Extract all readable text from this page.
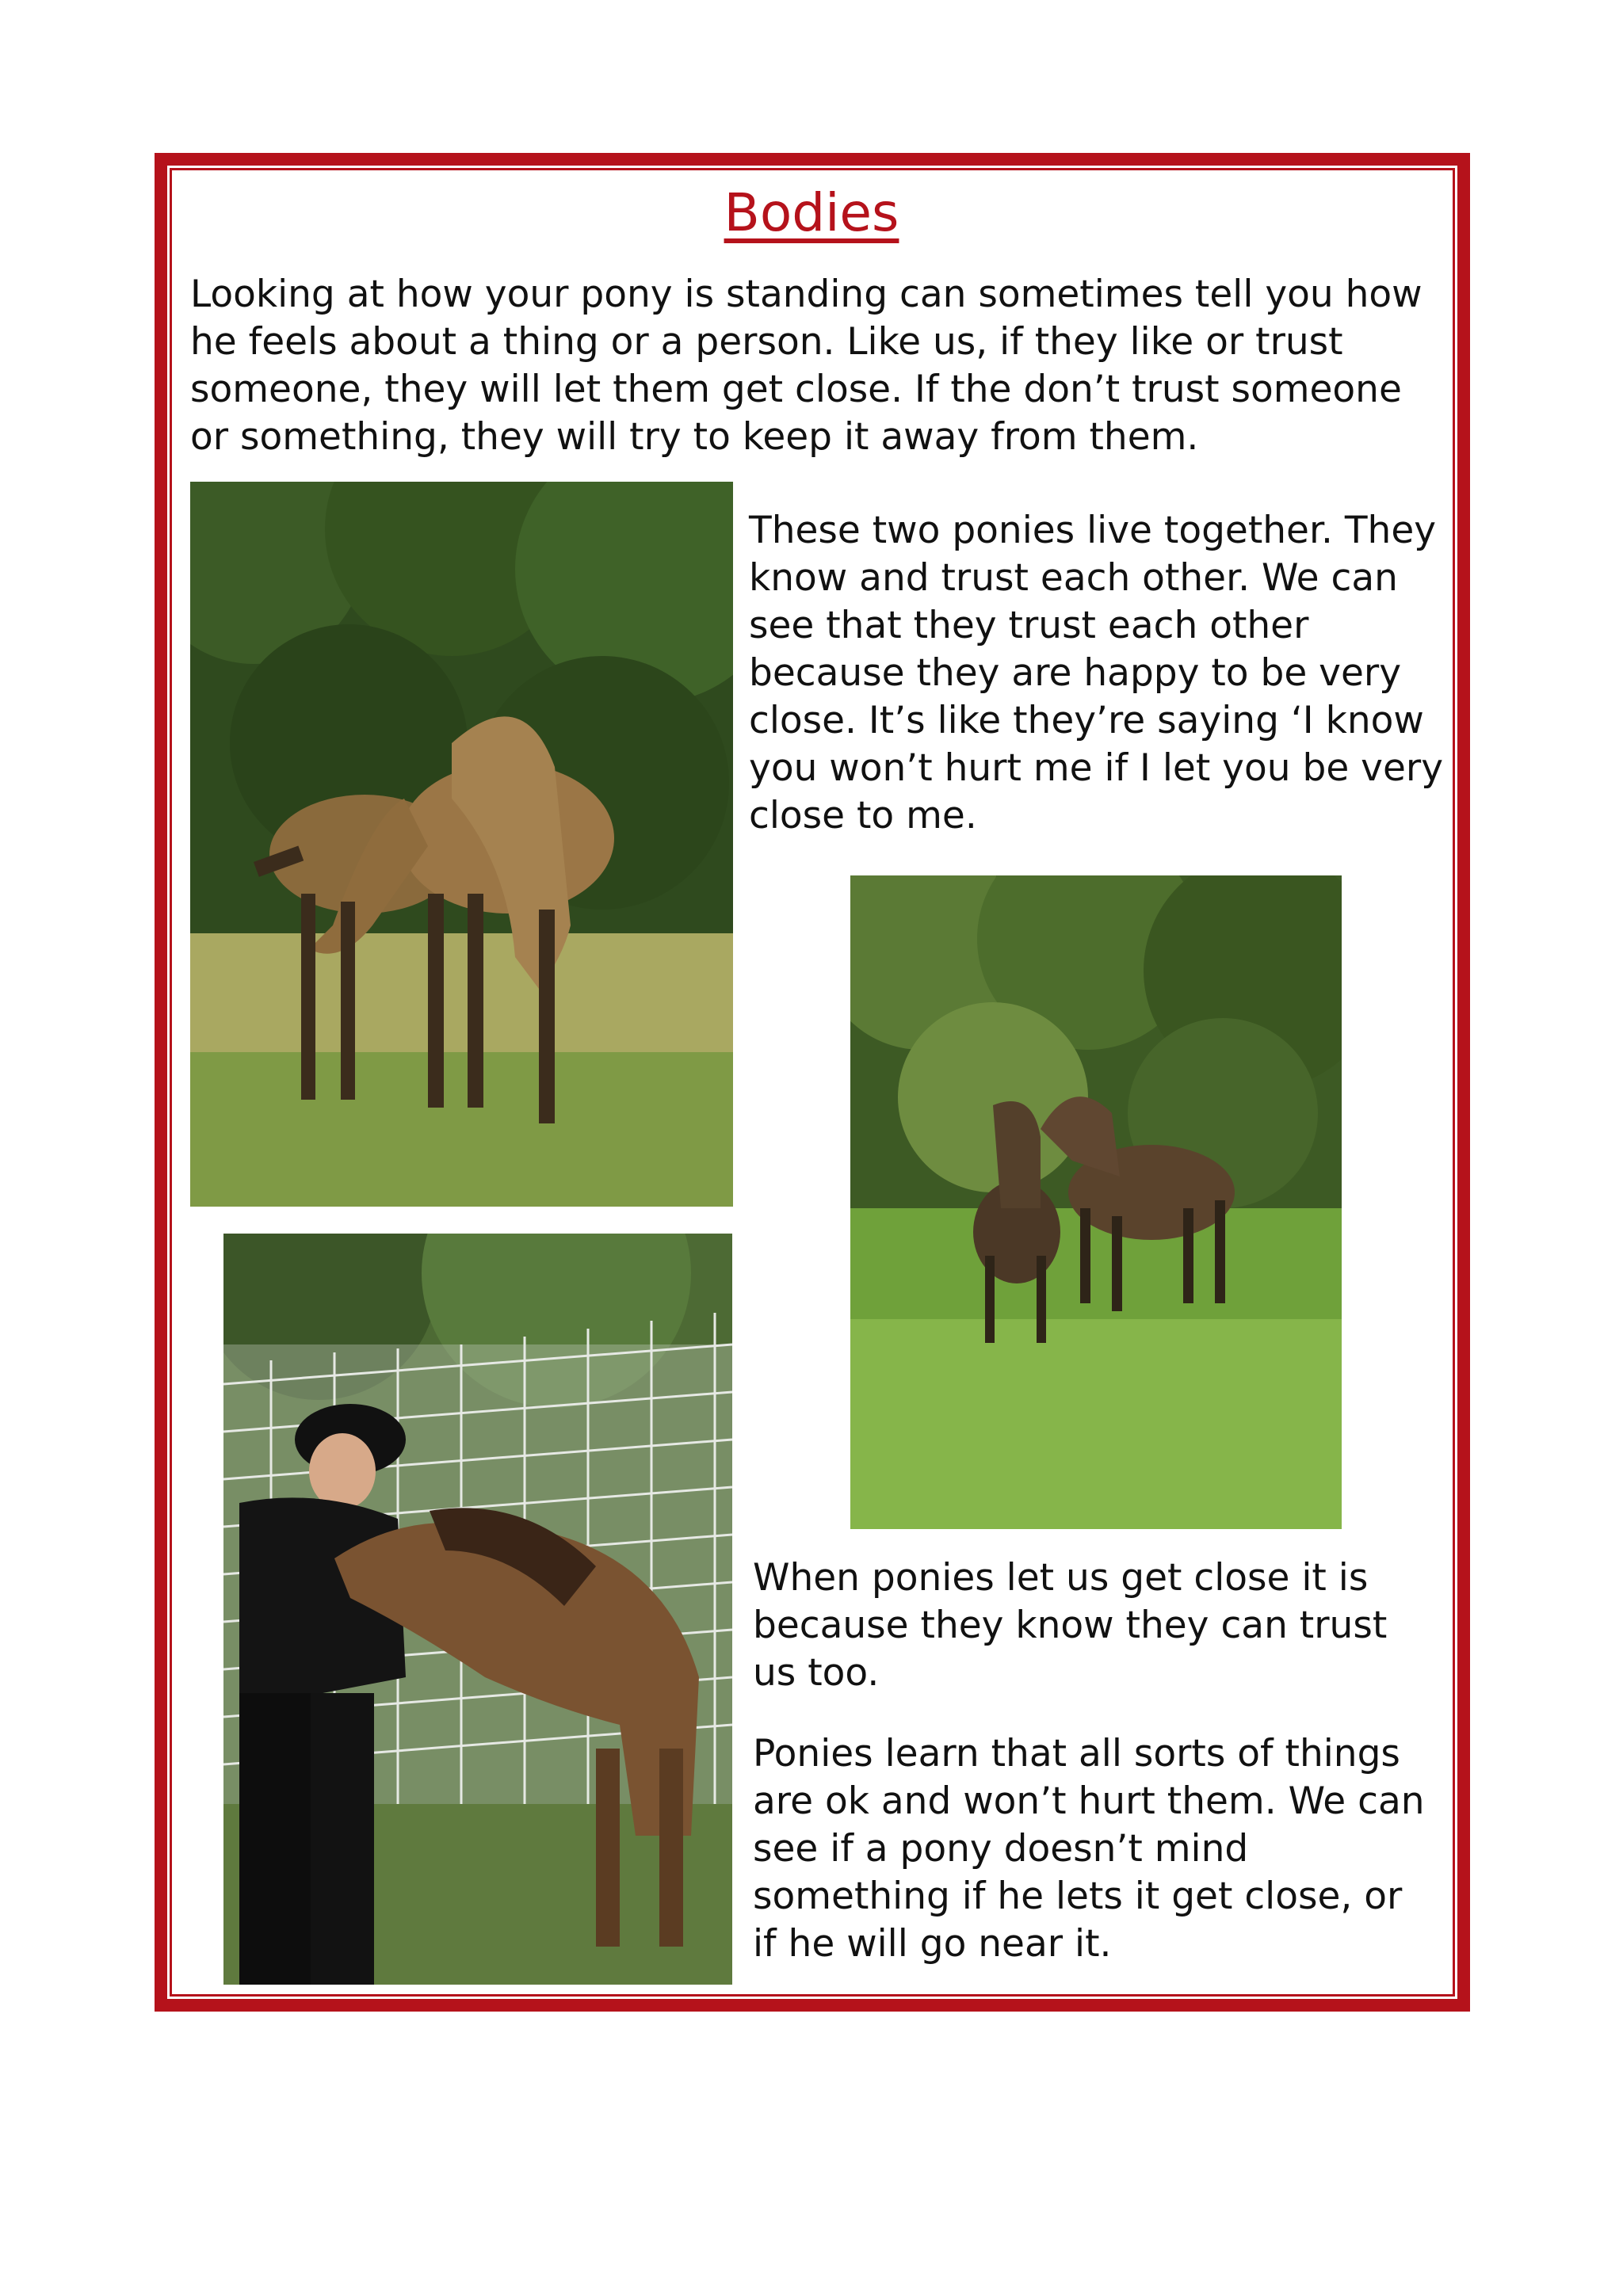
Bodies

Looking at how your pony is standing can sometimes tell you how he feels about a thing or a person. Like us, if they like or trust someone, they will let them get close. If the don’t trust someone or something, they will try to keep it away from them.

These two ponies live together. They know and trust each other. We can see that they trust each other because they are happy to be very close. It’s like they’re saying ‘I know you won’t hurt me if I let you be very close to me.

When ponies let us get close it is because they know they can trust us too.

Ponies learn that all sorts of things are ok and won’t hurt them. We can see if a pony doesn’t mind something if he lets it get close, or if he will go near it.
